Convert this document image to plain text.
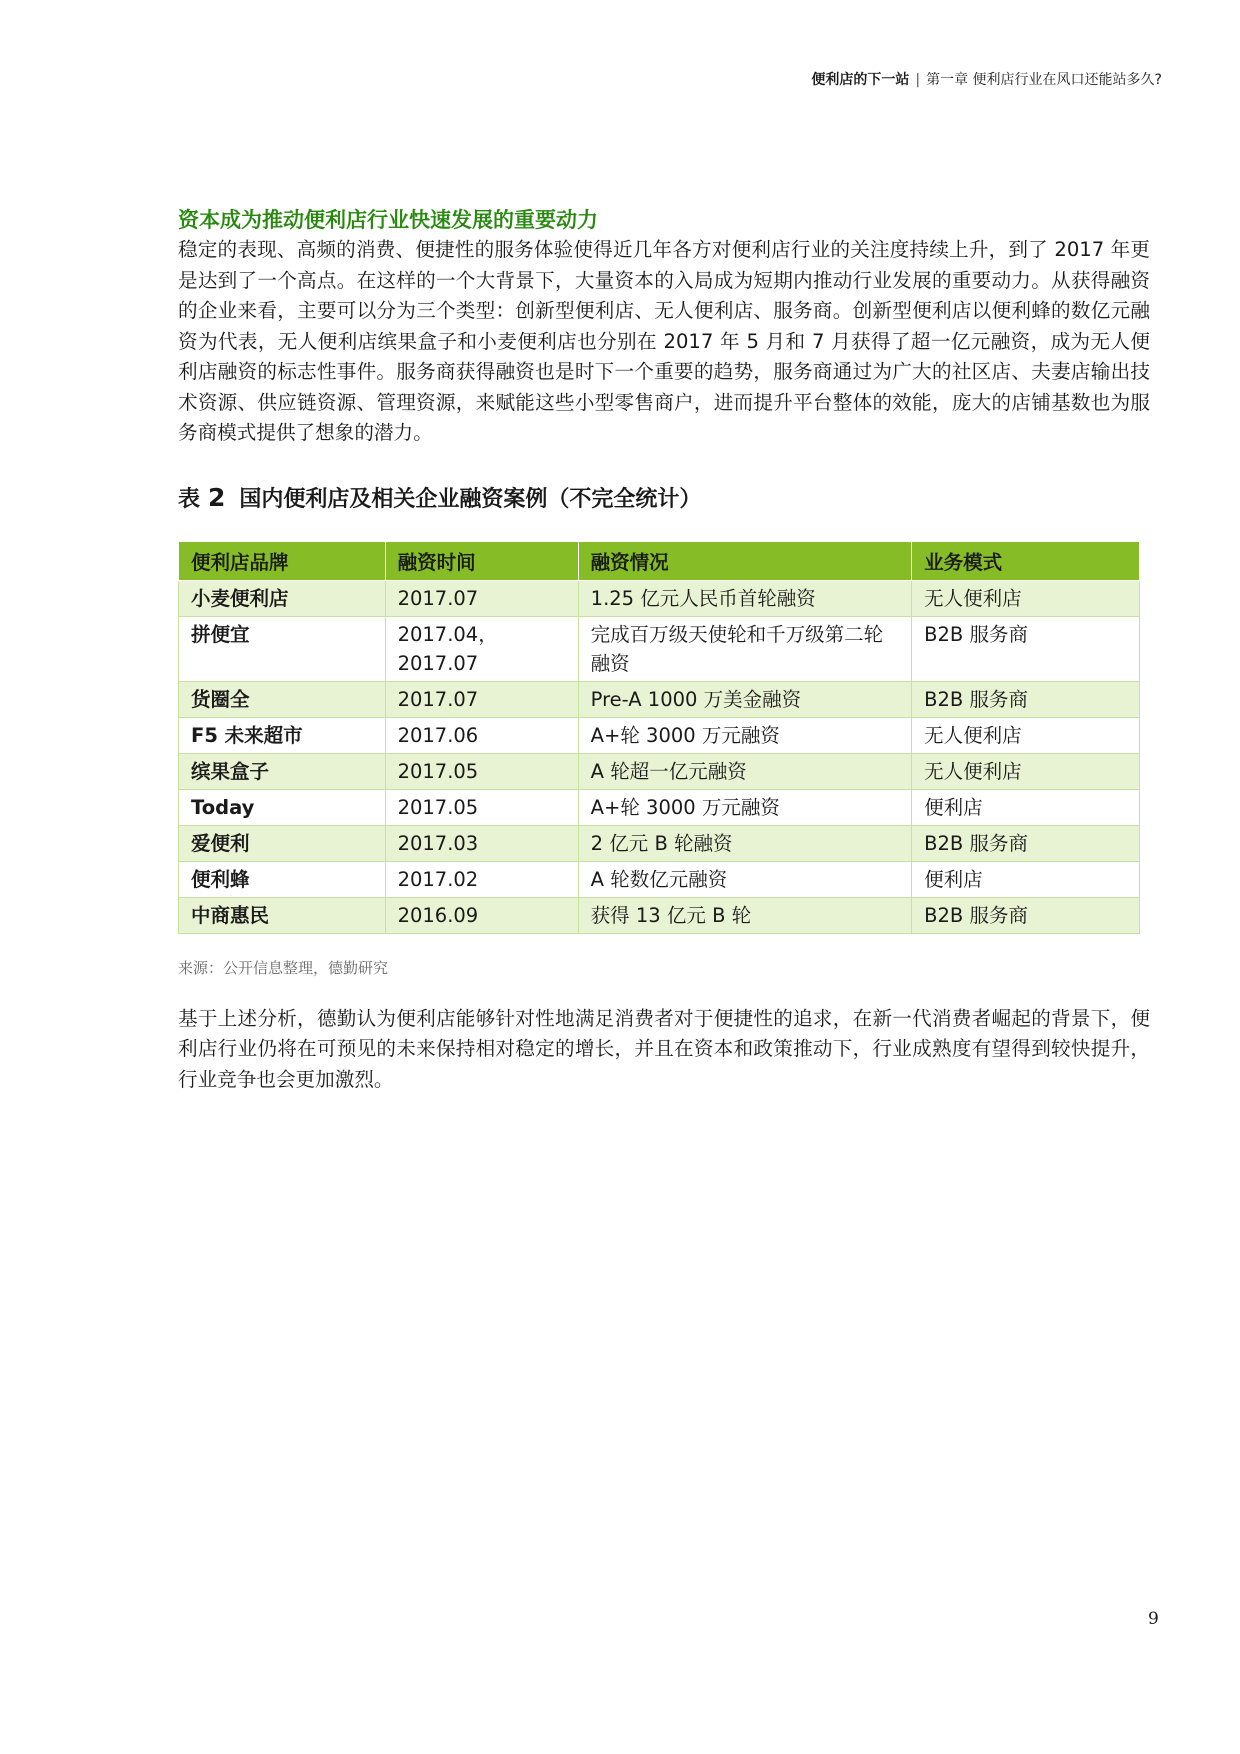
便利店的下一站 | 第一章 便利店行业在风口还能站多久?
资本成为推动便利店行业快速发展的重要动力

稳定的表现、高频的消费、便捷性的服务体验使得近几年各方对便利店行业的关注度持续上升，到了 2017 年更是达到了一个高点。在这样的一个大背景下，大量资本的入局成为短期内推动行业发展的重要动力。从获得融资的企业来看，主要可以分为三个类型：创新型便利店、无人便利店、服务商。创新型便利店以便利蜂的数亿元融资为代表，无人便利店缤果盒子和小麦便利店也分别在 2017 年 5 月和 7 月获得了超一亿元融资，成为无人便利店融资的标志性事件。服务商获得融资也是时下一个重要的趋势，服务商通过为广大的社区店、夫妻店输出技术资源、供应链资源、管理资源，来赋能这些小型零售商户，进而提升平台整体的效能，庞大的店铺基数也为服务商模式提供了想象的潜力。

表 2 国内便利店及相关企业融资案例（不完全统计）
便利店品牌	融资时间	融资情况	业务模式
小麦便利店	2017.07	1.25 亿元人民币首轮融资	无人便利店
拼便宜	2017.04，2017.07	完成百万级天使轮和千万级第二轮融资	B2B 服务商
货圈全	2017.07	Pre-A 1000 万美金融资	B2B 服务商
F5 未来超市	2017.06	A+轮 3000 万元融资	无人便利店
缤果盒子	2017.05	A 轮超一亿元融资	无人便利店
Today	2017.05	A+轮 3000 万元融资	便利店
爱便利	2017.03	2 亿元 B 轮融资	B2B 服务商
便利蜂	2017.02	A 轮数亿元融资	便利店
中商惠民	2016.09	获得 13 亿元 B 轮	B2B 服务商
来源：公开信息整理，德勤研究

基于上述分析，德勤认为便利店能够针对性地满足消费者对于便捷性的追求，在新一代消费者崛起的背景下，便利店行业仍将在可预见的未来保持相对稳定的增长，并且在资本和政策推动下，行业成熟度有望得到较快提升，行业竞争也会更加激烈。

9
